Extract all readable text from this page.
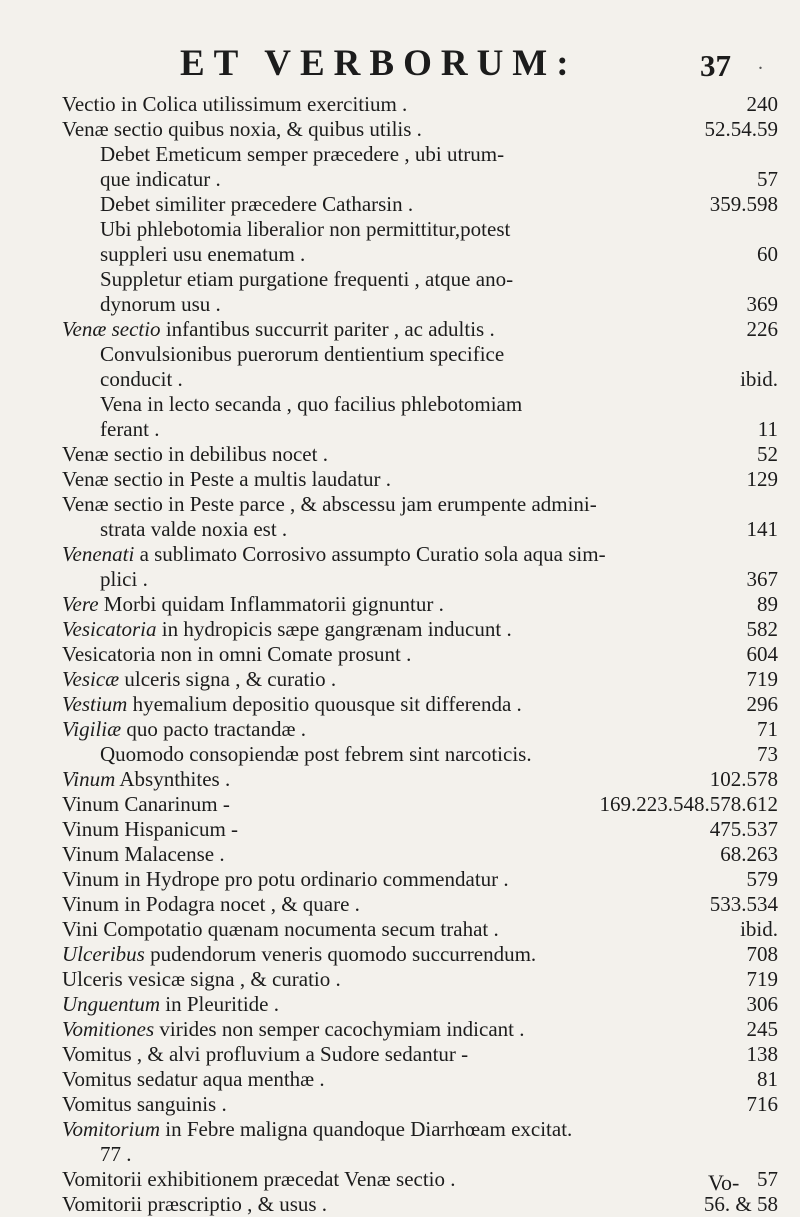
ET VERBORUM:	37 .
Vectio in Colica utilissimum exercitium .	240
Venæ sectio quibus noxia, & quibus utilis .	52.54.59
Debet Emeticum semper præcedere , ubi utrum-
que indicatur .	57
Debet similiter præcedere Catharsin .	359.598
Ubi phlebotomia liberalior non permittitur,potest
suppleri usu enematum .	60
Suppletur etiam purgatione frequenti , atque ano-
dynorum usu .	369
Venæ sectio infantibus succurrit pariter , ac adultis .	226
Convulsionibus puerorum dentientium specifice
conducit .	ibid.
Vena in lecto secanda , quo facilius phlebotomiam
ferant .	11
Venæ sectio in debilibus nocet .	52
Venæ sectio in Peste a multis laudatur .	129
Venæ sectio in Peste parce , & abscessu jam erumpente admini-
strata valde noxia est .	141
Venenati a sublimato Corrosivo assumpto Curatio sola aqua sim-
plici .	367
Vere Morbi quidam Inflammatorii gignuntur .	89
Vesicatoria in hydropicis sæpe gangrænam inducunt .	582
Vesicatoria non in omni Comate prosunt .	604
Vesicæ ulceris signa , & curatio .	719
Vestium hyemalium depositio quousque sit differenda .	296
Vigiliæ quo pacto tractandæ .	71
Quomodo consopiendæ post febrem sint narcoticis.	73
Vinum Absynthites .	102.578
Vinum Canarinum -	169.223.548.578.612
Vinum Hispanicum -	475.537
Vinum Malacense .	68.263
Vinum in Hydrope pro potu ordinario commendatur .	579
Vinum in Podagra nocet , & quare .	533.534
Vini Compotatio quænam nocumenta secum trahat .	ibid.
Ulceribus pudendorum veneris quomodo succurrendum.	708
Ulceris vesicæ signa , & curatio .	719
Unguentum in Pleuritide .	306
Vomitiones virides non semper cacochymiam indicant .	245
Vomitus , & alvi profluvium a Sudore sedantur -	138
Vomitus sedatur aqua menthæ .	81
Vomitus sanguinis .	716
Vomitorium in Febre maligna quandoque Diarrhœam excitat.
77 .
Vomitorii exhibitionem præcedat Venæ sectio .	57
Vomitorii præscriptio , & usus .	56. & 58
Vo-
